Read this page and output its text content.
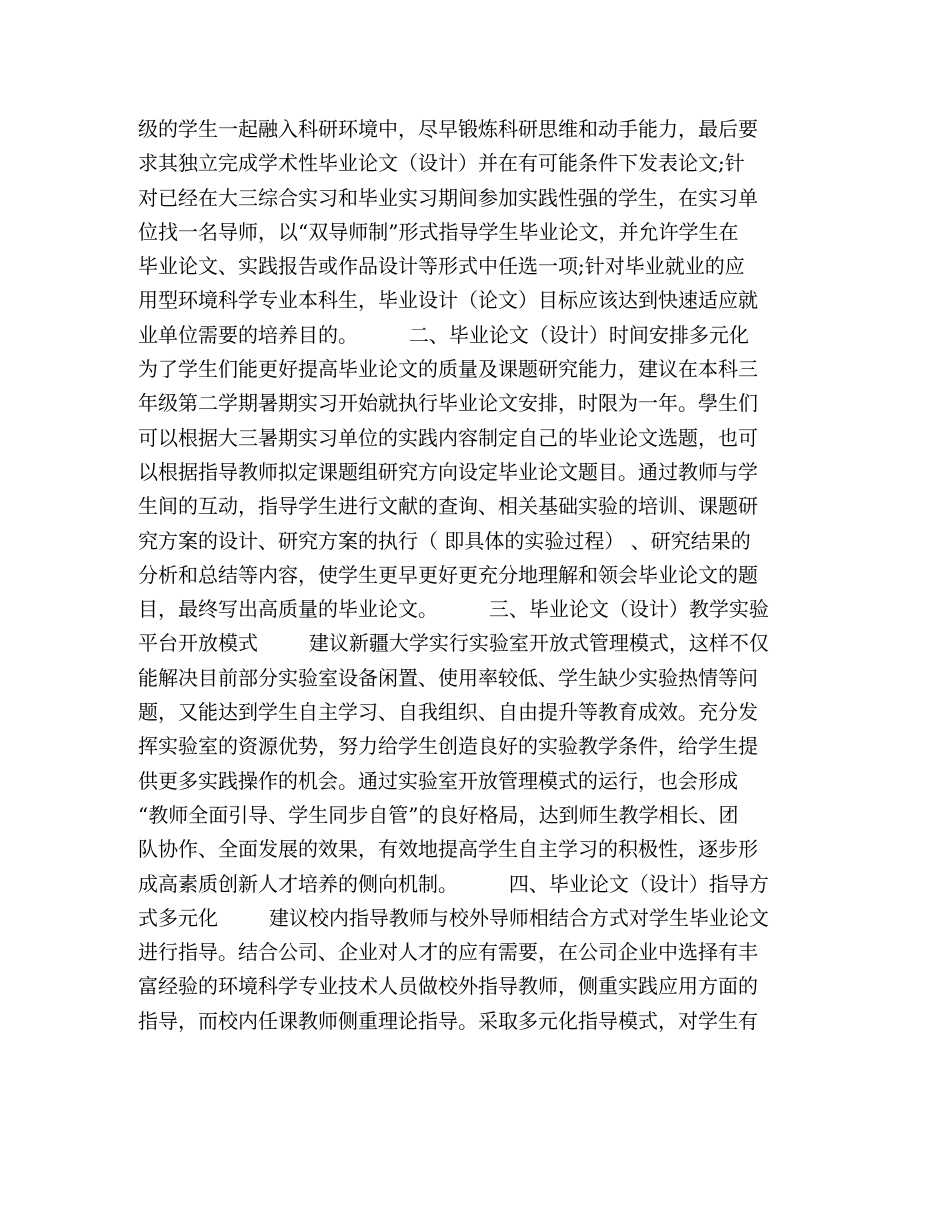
级的学生一起融入科研环境中，尽早锻炼科研思维和动手能力，最后要
求其独立完成学术性毕业论文（设计）并在有可能条件下发表论文;针
对已经在大三综合实习和毕业实习期间参加实践性强的学生，在实习单
位找一名导师，以“双导师制”形式指导学生毕业论文，并允许学生在
毕业论文、实践报告或作品设计等形式中任选一项;针对毕业就业的应
用型环境科学专业本科生，毕业设计（论文）目标应该达到快速适应就
业单位需要的培养目的。        二、毕业论文（设计）时间安排多元化
为了学生们能更好提高毕业论文的质量及课题研究能力，建议在本科三
年级第二学期暑期实习开始就执行毕业论文安排，时限为一年。學生们
可以根据大三暑期实习单位的实践内容制定自己的毕业论文选题，也可
以根据指导教师拟定课题组研究方向设定毕业论文题目。通过教师与学
生间的互动，指导学生进行文献的查询、相关基础实验的培训、课题研
究方案的设计、研究方案的执行（ 即具体的实验过程） 、研究结果的
分析和总结等内容，使学生更早更好更充分地理解和领会毕业论文的题
目，最终写出高质量的毕业论文。        三、毕业论文（设计）教学实验
平台开放模式        建议新疆大学实行实验室开放式管理模式，这样不仅
能解决目前部分实验室设备闲置、使用率较低、学生缺少实验热情等问
题，又能达到学生自主学习、自我组织、自由提升等教育成效。充分发
挥实验室的资源优势，努力给学生创造良好的实验教学条件，给学生提
供更多实践操作的机会。通过实验室开放管理模式的运行，也会形成
“教师全面引导、学生同步自管”的良好格局，达到师生教学相长、团
队协作、全面发展的效果，有效地提高学生自主学习的积极性，逐步形
成高素质创新人才培养的侧向机制。        四、毕业论文（设计）指导方
式多元化        建议校内指导教师与校外导师相结合方式对学生毕业论文
进行指导。结合公司、企业对人才的应有需要，在公司企业中选择有丰
富经验的环境科学专业技术人员做校外指导教师，侧重实践应用方面的
指导，而校内任课教师侧重理论指导。采取多元化指导模式，对学生有
